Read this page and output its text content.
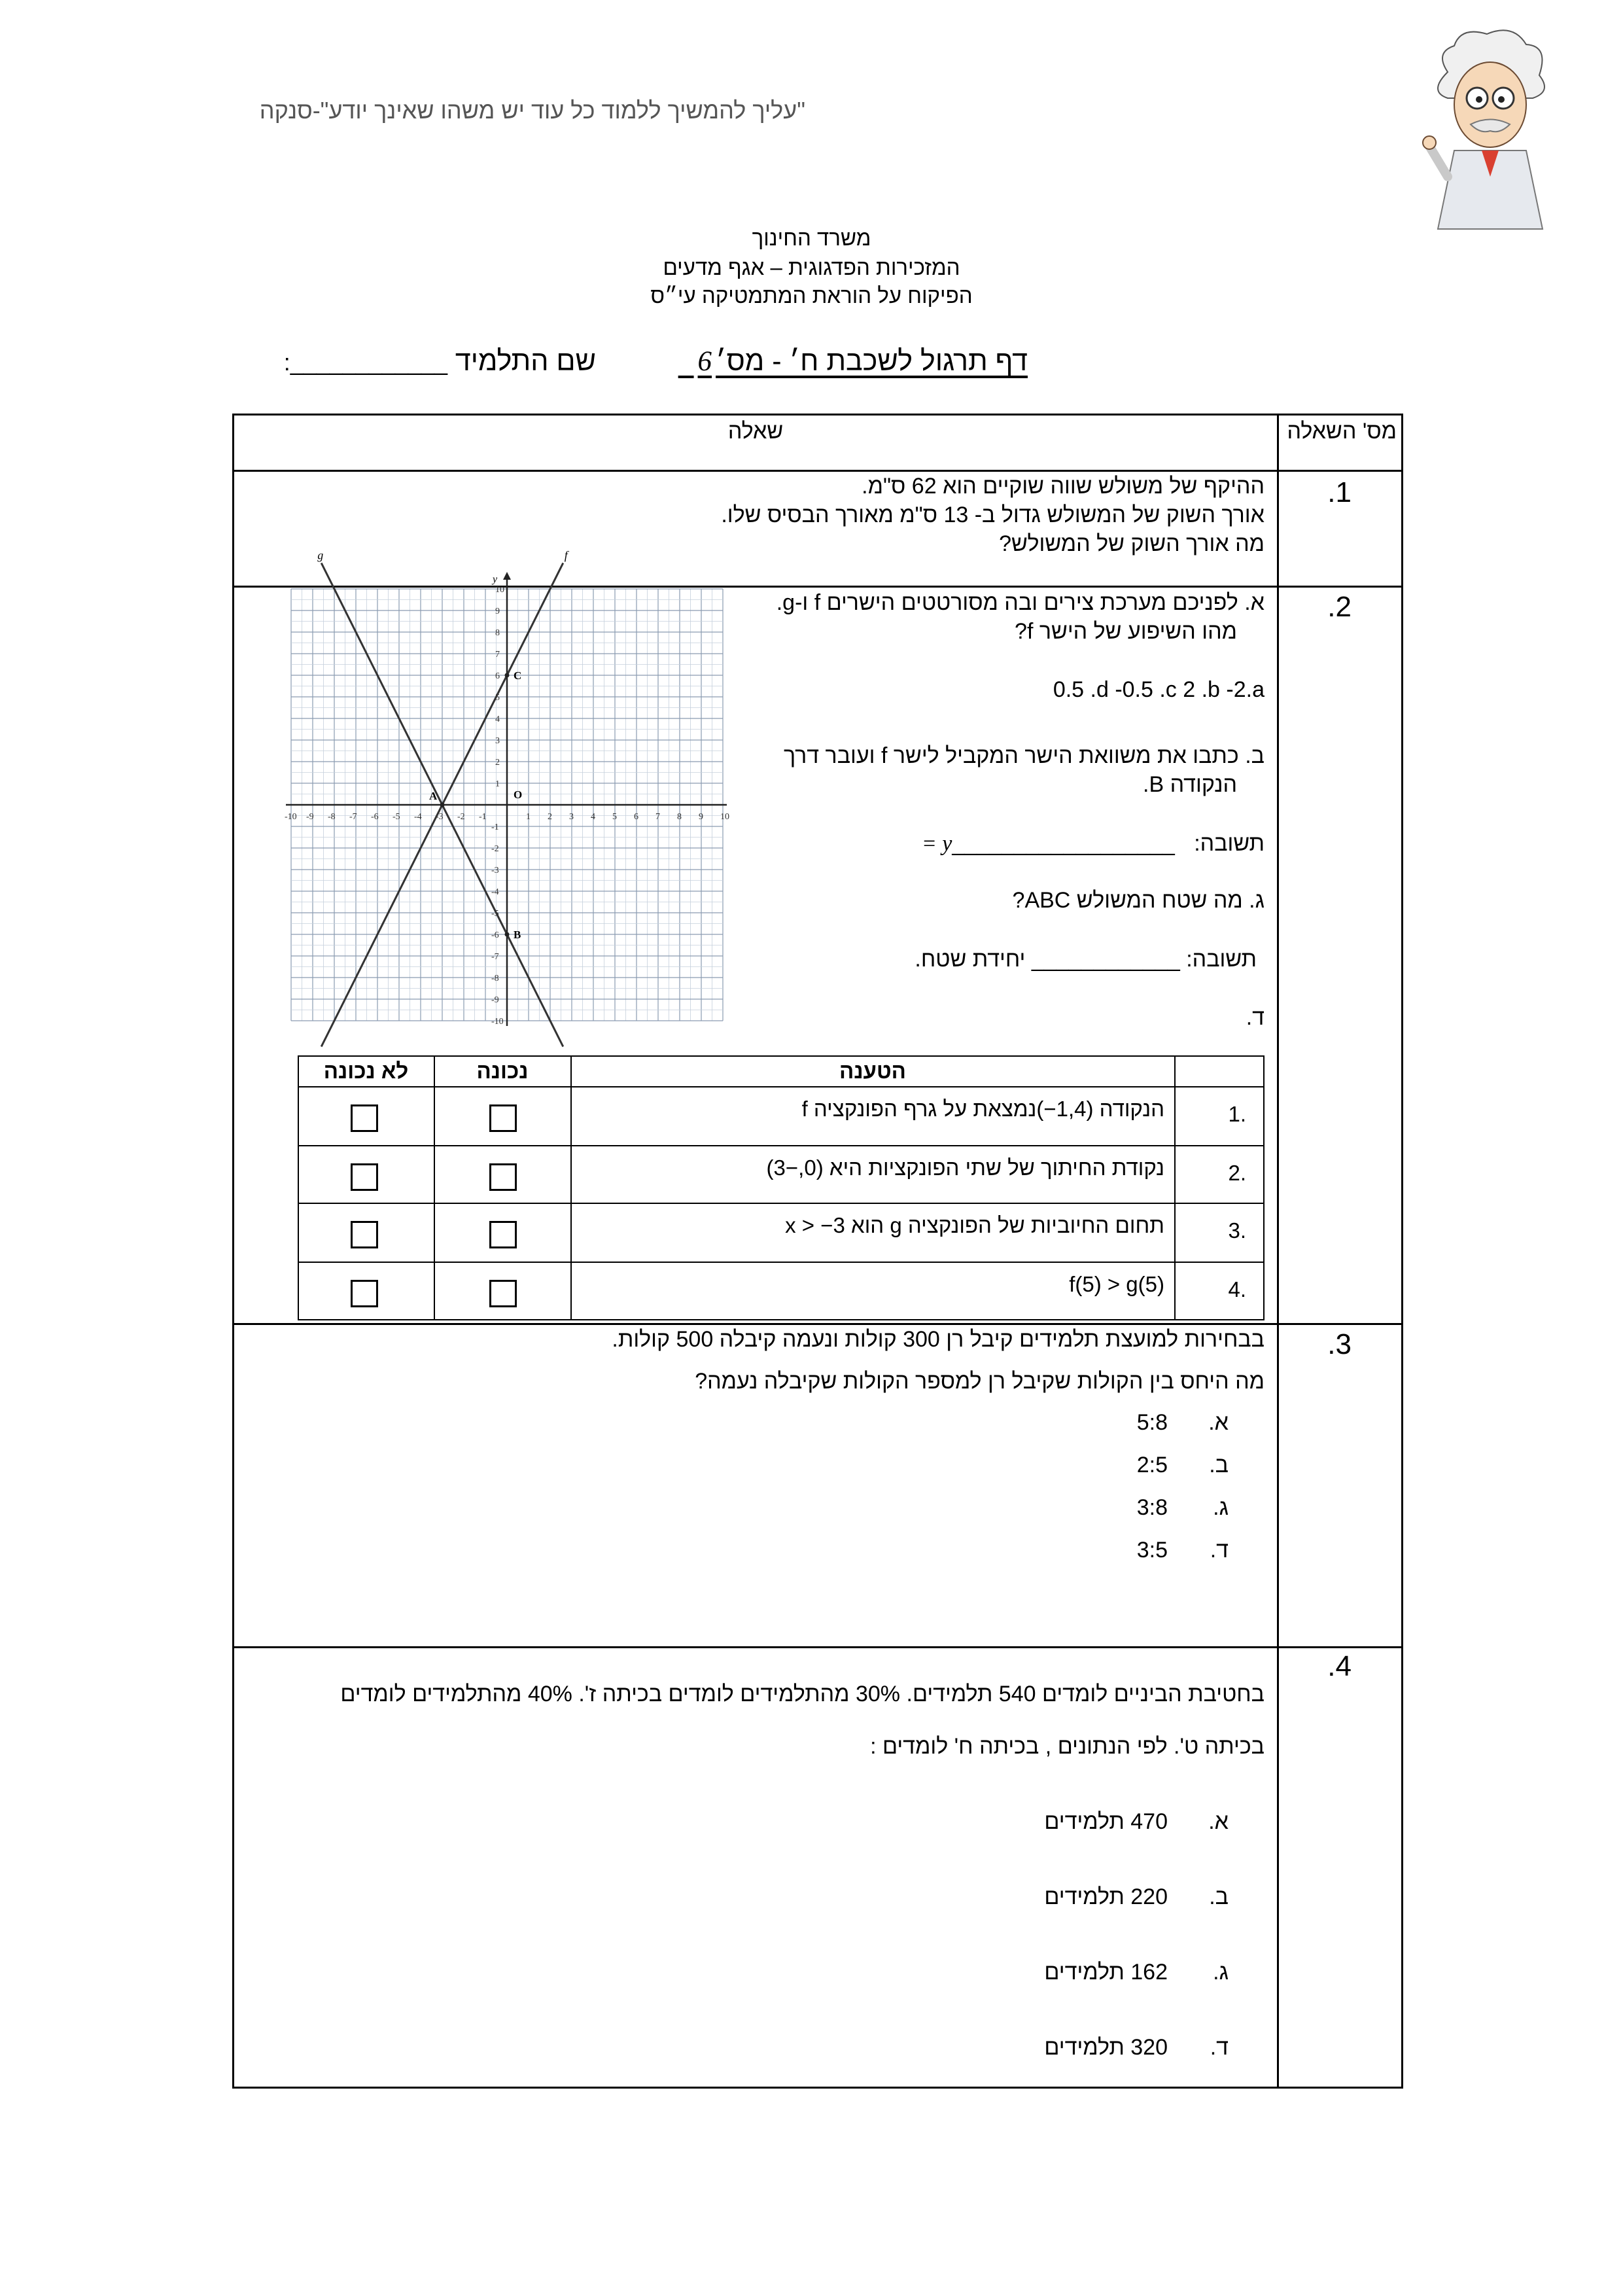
"עליך להמשיך ללמוד כל עוד יש משהו שאינך יודע"-סנקה
משרד החינוך
המזכירות הפדגוגית – אגף מדעים
הפיקוח על הוראת המתמטיקה עי״ס
דף תרגול לשכבת ח׳ - מס׳6
שם התלמיד ____________:
מס' השאלה
שאלה
.1
ההיקף של משולש שווה שוקיים הוא 62 ס"מ.
אורך השוק של המשולש גדול ב- 13 ס"מ מאורך הבסיס שלו.
מה אורך השוק של המשולש?
.2
א. לפניכם מערכת צירים ובה מסורטטים הישרים f ו-g.
מהו השיפוע של הישר f?
0.5 .d -0.5 .c 2 .b -2.a
ב. כתבו את משוואת הישר המקביל לישר f ועובר דרך
הנקודה B.
תשובה: __________________y =
ג. מה שטח המשולש ABC?
תשובה: ____________ יחידת שטח.
ד.
y
-10 -9 -8 -7 -6 -5 -4 -3 -2 -1	1 2 3 4 5 6 7 8 9 10
10
9
8
7
6
5
4
3
2
1
-1
-2
-3
-4
-5
-6
-7
-8
-9
-10
f
g
A
B
C
O
הטענה
נכונה
לא נכונה
.1
הנקודה (1,4−)נמצאת על גרף הפונקציה f
.2
נקודת החיתוך של שתי הפונקציות היא (0,−3)
.3
תחום החיוביות של הפונקציה g הוא x > −3
.4
f(5) > g(5)
.3
בבחירות למועצת תלמידים קיבל רן 300 קולות ונעמה קיבלה 500 קולות.
מה היחס בין הקולות שקיבל רן למספר הקולות שקיבלה נעמה?
א.
5:8
ב.
2:5
ג.
3:8
ד.
3:5
.4
בחטיבת הביניים לומדים 540 תלמידים. 30% מהתלמידים לומדים בכיתה ז'. 40% מהתלמידים לומדים
בכיתה ט'. לפי הנתונים , בכיתה ח' לומדים :
א.
470 תלמידים
ב.
220 תלמידים
ג.
162 תלמידים
ד.
320 תלמידים
